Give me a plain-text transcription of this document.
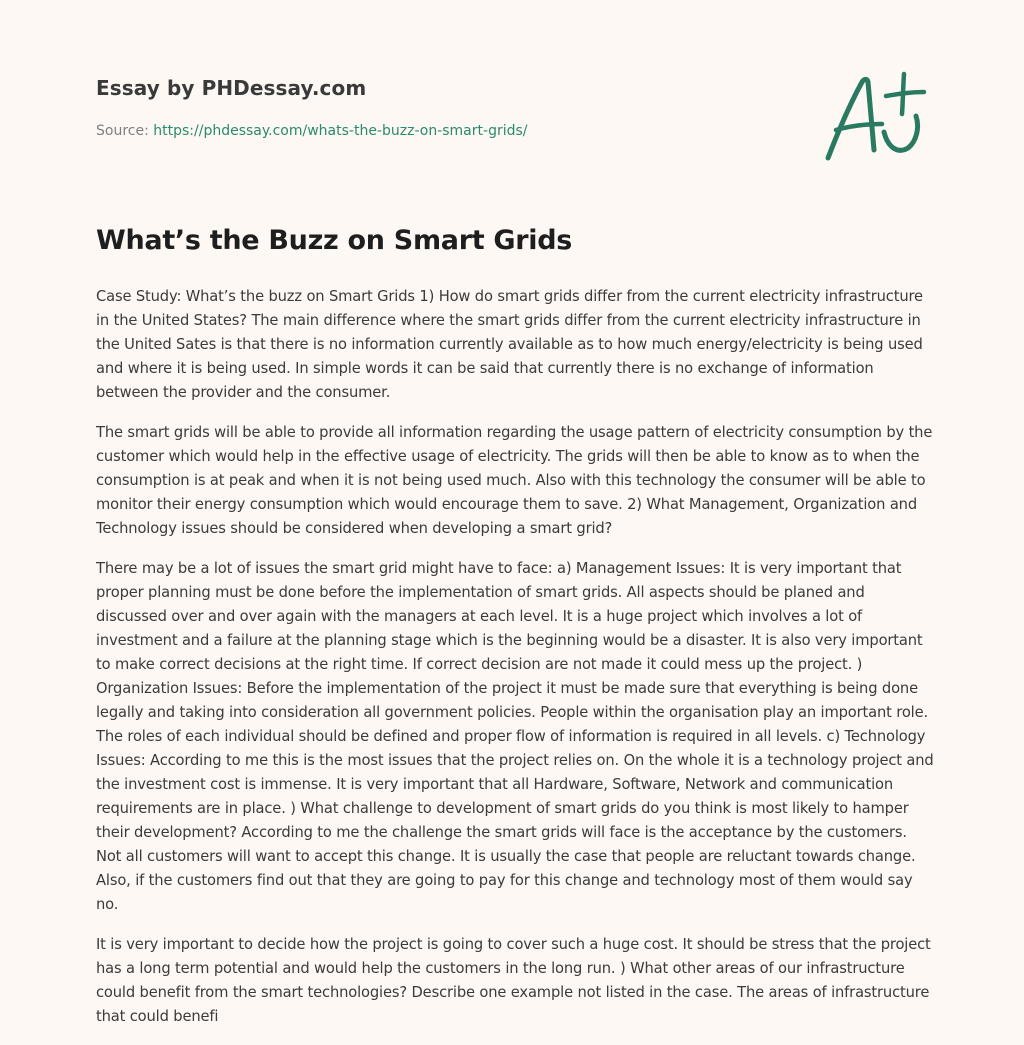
Essay by PHDessay.com
Source: https://phdessay.com/whats-the-buzz-on-smart-grids/
What’s the Buzz on Smart Grids

Case Study: What’s the buzz on Smart Grids 1) How do smart grids differ from the current electricity infrastructure in the United States? The main difference where the smart grids differ from the current electricity infrastructure in the United Sates is that there is no information currently available as to how much energy/electricity is being used and where it is being used. In simple words it can be said that currently there is no exchange of information between the provider and the consumer.

The smart grids will be able to provide all information regarding the usage pattern of electricity consumption by the customer which would help in the effective usage of electricity. The grids will then be able to know as to when the consumption is at peak and when it is not being used much. Also with this technology the consumer will be able to monitor their energy consumption which would encourage them to save. 2) What Management, Organization and Technology issues should be considered when developing a smart grid?

There may be a lot of issues the smart grid might have to face: a) Management Issues: It is very important that proper planning must be done before the implementation of smart grids. All aspects should be planed and discussed over and over again with the managers at each level. It is a huge project which involves a lot of investment and a failure at the planning stage which is the beginning would be a disaster. It is also very important to make correct decisions at the right time. If correct decision are not made it could mess up the project. ) Organization Issues: Before the implementation of the project it must be made sure that everything is being done legally and taking into consideration all government policies. People within the organisation play an important role. The roles of each individual should be defined and proper flow of information is required in all levels. c) Technology Issues: According to me this is the most issues that the project relies on. On the whole it is a technology project and the investment cost is immense. It is very important that all Hardware, Software, Network and communication requirements are in place. ) What challenge to development of smart grids do you think is most likely to hamper their development? According to me the challenge the smart grids will face is the acceptance by the customers. Not all customers will want to accept this change. It is usually the case that people are reluctant towards change. Also, if the customers find out that they are going to pay for this change and technology most of them would say no.

It is very important to decide how the project is going to cover such a huge cost. It should be stress that the project has a long term potential and would help the customers in the long run. ) What other areas of our infrastructure could benefit from the smart technologies? Describe one example not listed in the case. The areas of infrastructure that could benefi
